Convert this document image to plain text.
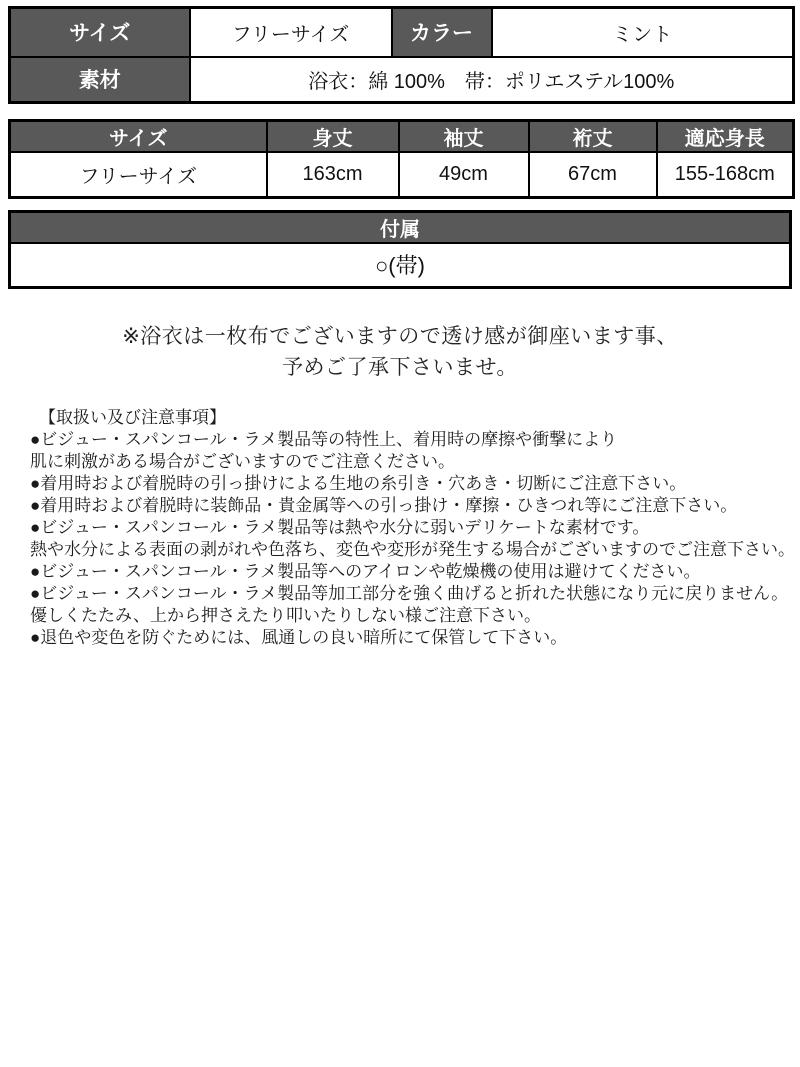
サイズ	フリーサイズ	カラー	ミント
素材	浴衣：綿 100%　帯：ポリエステル100%		
サイズ	身丈	袖丈	裄丈	適応身長
フリーサイズ	163cm	49cm	67cm	155-168cm
付属
○(帯)
※浴衣は一枚布でございますので透け感が御座います事、
予めご了承下さいませ。
【取扱い及び注意事項】
●ビジュー・スパンコール・ラメ製品等の特性上、着用時の摩擦や衝撃により
肌に刺激がある場合がございますのでご注意ください。
●着用時および着脱時の引っ掛けによる生地の糸引き・穴あき・切断にご注意下さい。
●着用時および着脱時に装飾品・貴金属等への引っ掛け・摩擦・ひきつれ等にご注意下さい。
●ビジュー・スパンコール・ラメ製品等は熱や水分に弱いデリケートな素材です。
熱や水分による表面の剥がれや色落ち、変色や変形が発生する場合がございますのでご注意下さい。
●ビジュー・スパンコール・ラメ製品等へのアイロンや乾燥機の使用は避けてください。
●ビジュー・スパンコール・ラメ製品等加工部分を強く曲げると折れた状態になり元に戻りません。
優しくたたみ、上から押さえたり叩いたりしない様ご注意下さい。
●退色や変色を防ぐためには、風通しの良い暗所にて保管して下さい。
